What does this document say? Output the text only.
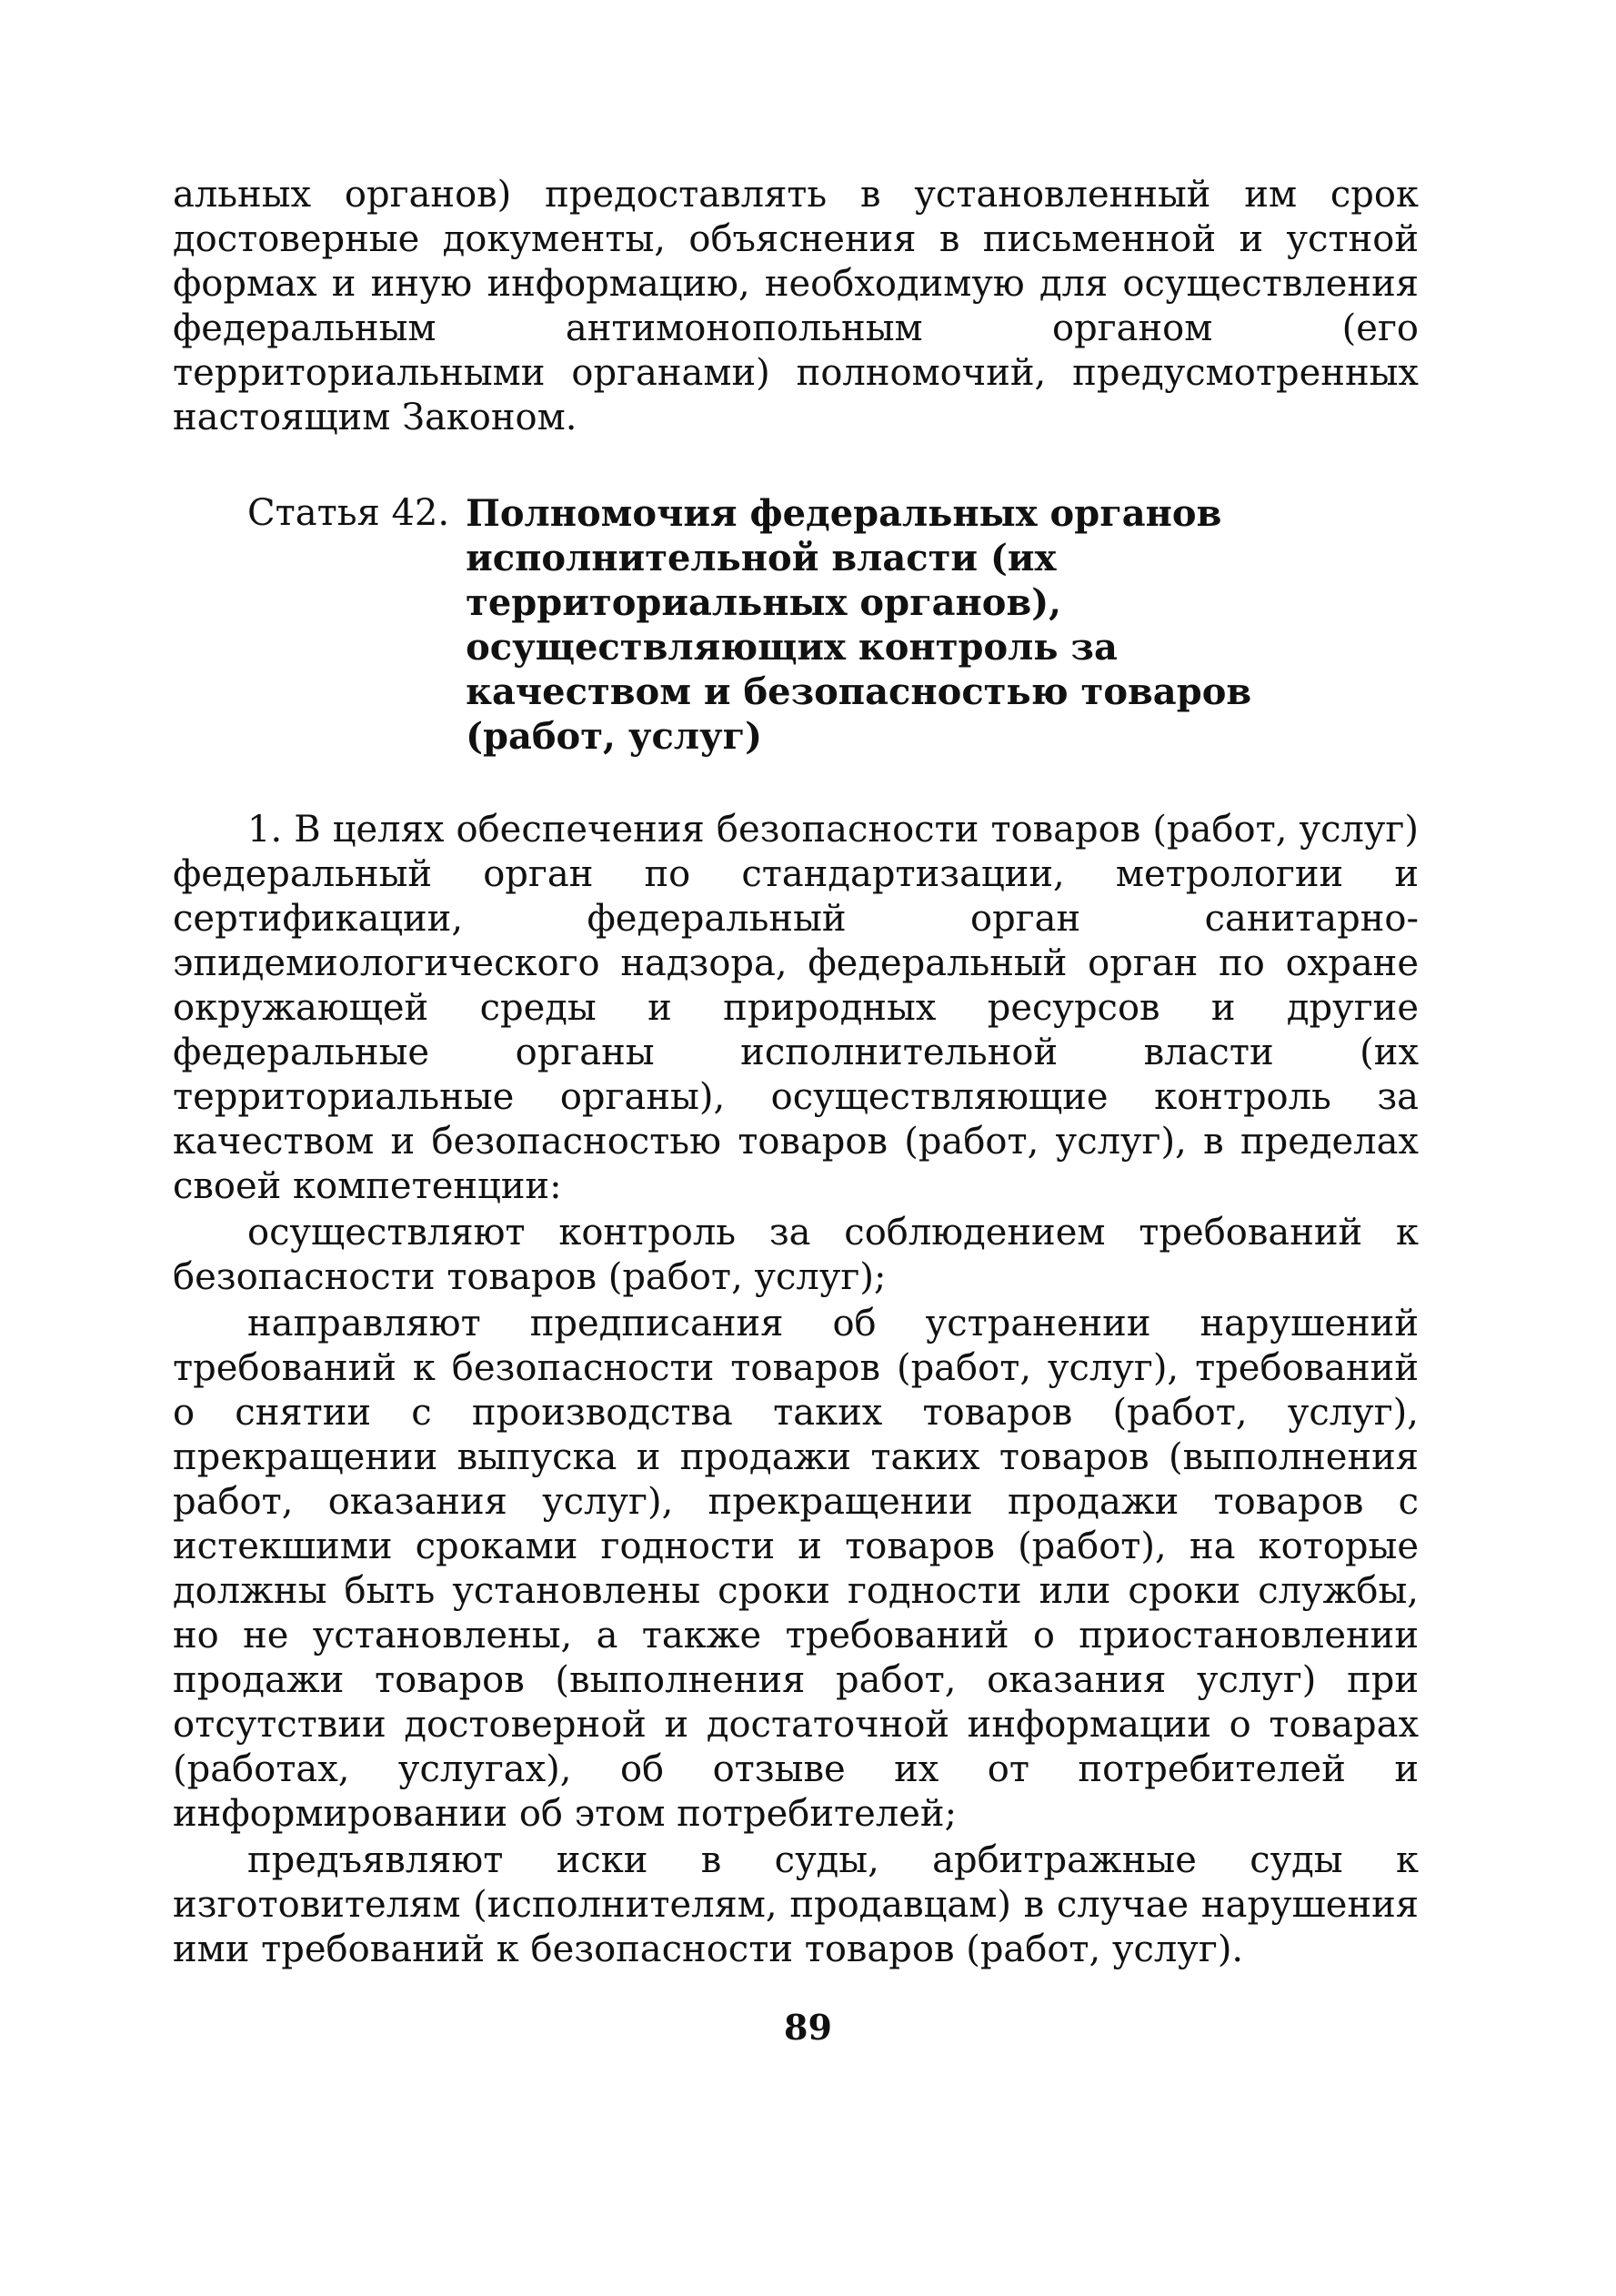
альных органов) предоставлять в установленный им срок достоверные документы, объяснения в письменной и устной формах и иную информацию, необходимую для осуществления федеральным антимонопольным органом (его территориальными органами) полномочий, предусмотренных настоящим Законом.

Статья 42. Полномочия федеральных органов исполнительной власти (их территориальных органов), осуществляющих контроль за качеством и безопасностью товаров (работ, услуг)

1. В целях обеспечения безопасности товаров (работ, услуг) федеральный орган по стандартизации, метрологии и сертификации, федеральный орган санитарно-эпидемиологического надзора, федеральный орган по охране окружающей среды и природных ресурсов и другие федеральные органы исполнительной власти (их территориальные органы), осуществляющие контроль за качеством и безопасностью товаров (работ, услуг), в пределах своей компетенции:

осуществляют контроль за соблюдением требований к безопасности товаров (работ, услуг);

направляют предписания об устранении нарушений требований к безопасности товаров (работ, услуг), требований о снятии с производства таких товаров (работ, услуг), прекращении выпуска и продажи таких товаров (выполнения работ, оказания услуг), прекращении продажи товаров с истекшими сроками годности и товаров (работ), на которые должны быть установлены сроки годности или сроки службы, но не установлены, а также требований о приостановлении продажи товаров (выполнения работ, оказания услуг) при отсутствии достоверной и достаточной информации о товарах (работах, услугах), об отзыве их от потребителей и информировании об этом потребителей;

предъявляют иски в суды, арбитражные суды к изготовителям (исполнителям, продавцам) в случае нарушения ими требований к безопасности товаров (работ, услуг).

89
